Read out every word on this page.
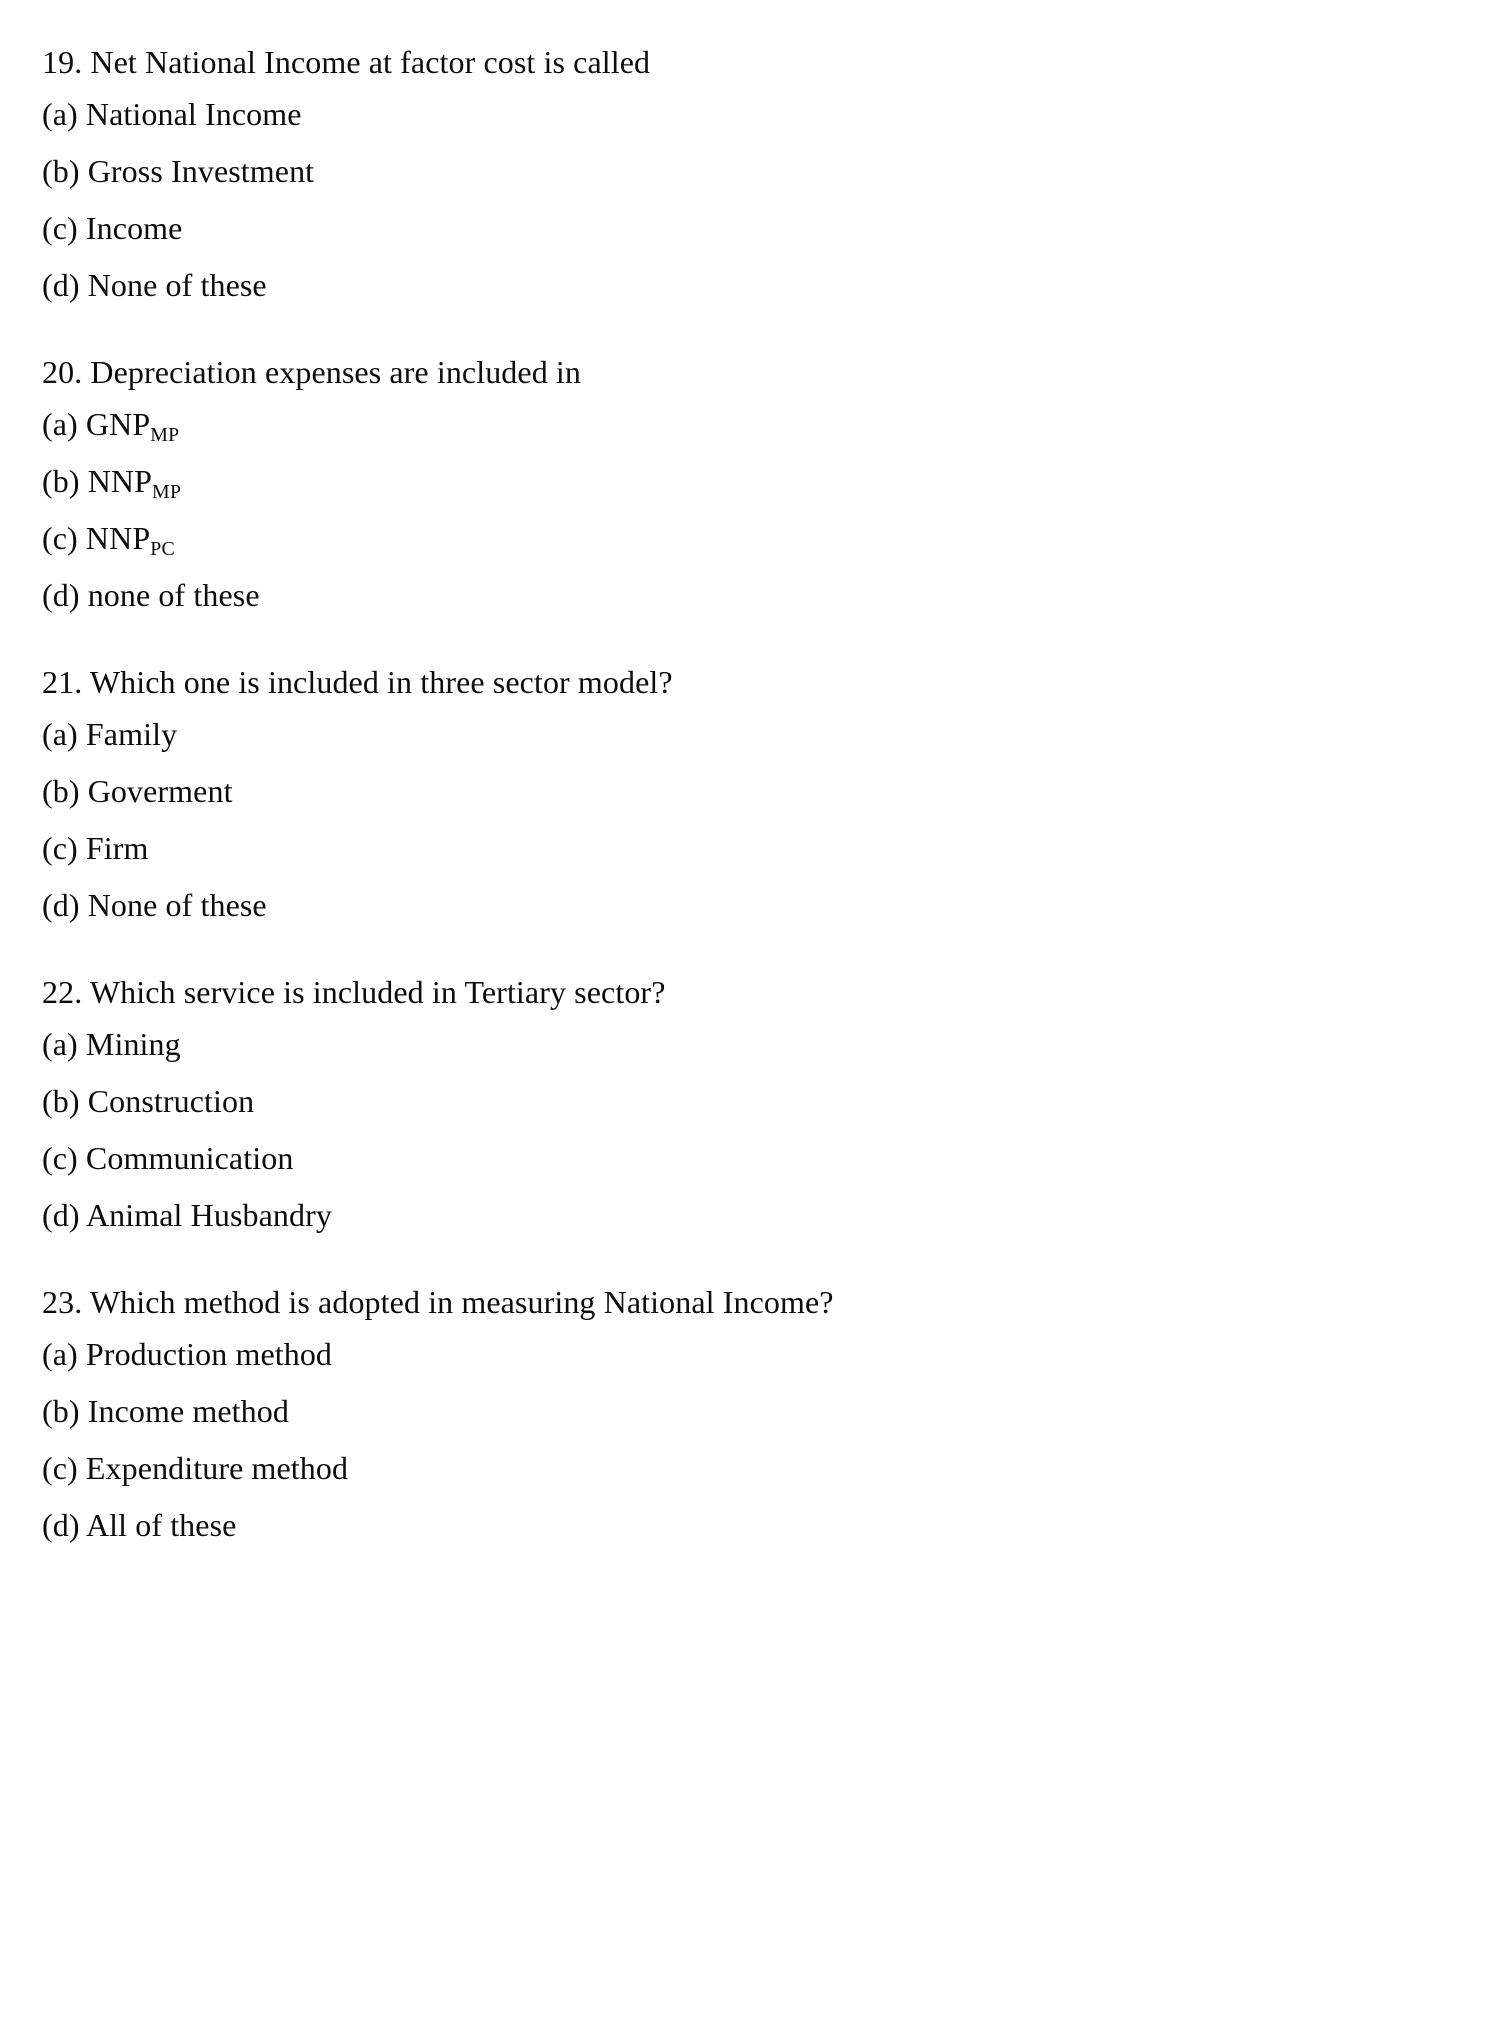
19. Net National Income at factor cost is called
(a) National Income
(b) Gross Investment
(c) Income
(d) None of these
20. Depreciation expenses are included in
(a) GNPMP
(b) NNPMP
(c) NNPPC
(d) none of these
21. Which one is included in three sector model?
(a) Family
(b) Goverment
(c) Firm
(d) None of these
22. Which service is included in Tertiary sector?
(a) Mining
(b) Construction
(c) Communication
(d) Animal Husbandry
23. Which method is adopted in measuring National Income?
(a) Production method
(b) Income method
(c) Expenditure method
(d) All of these
